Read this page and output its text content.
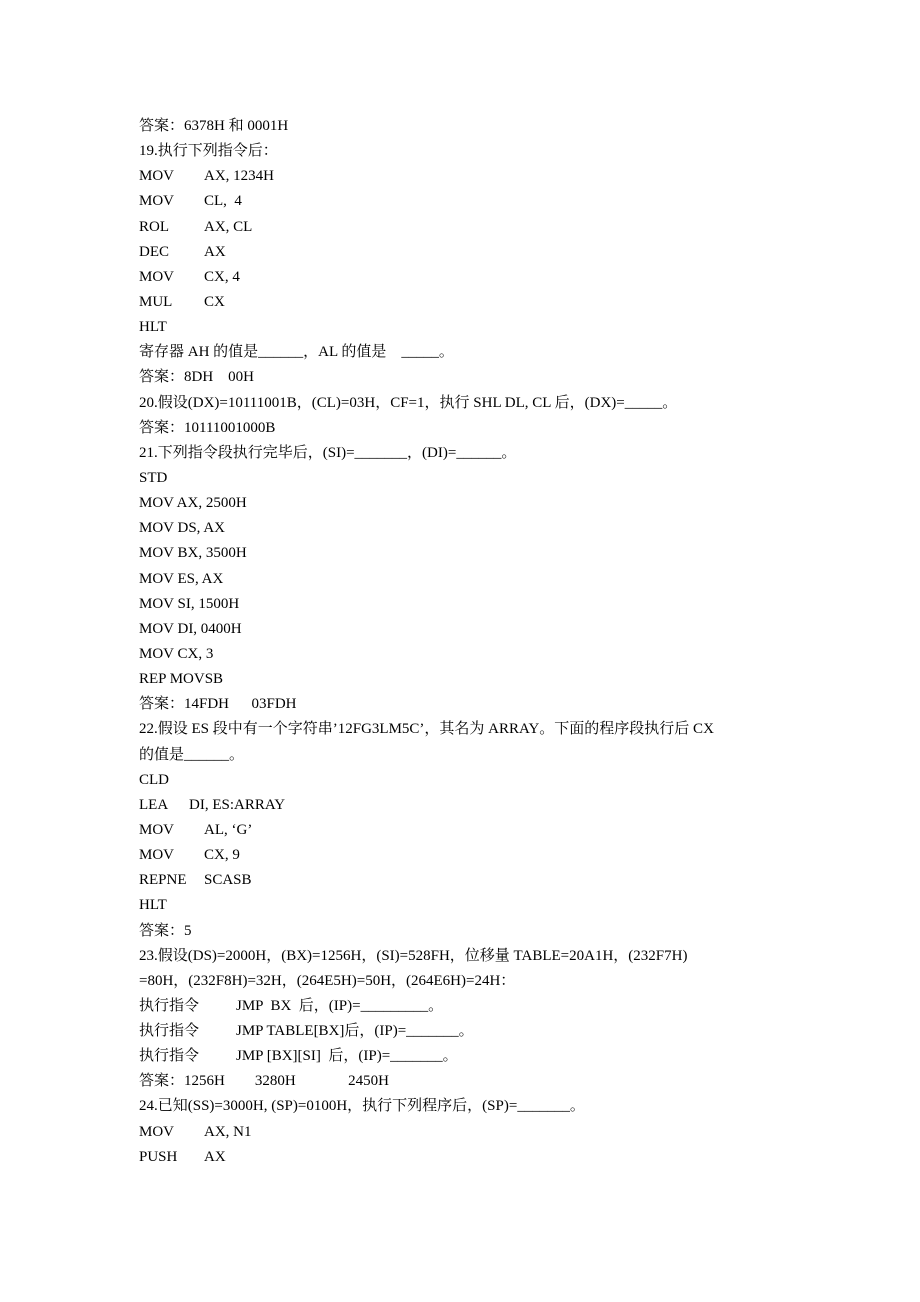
答案：6378H 和 0001H
19.执行下列指令后：
MOV AX, 1234H
MOV CL,  4
ROL AX, CL
DEC AX
MOV CX, 4
MUL CX
HLT
寄存器 AH 的值是______，AL 的值是    _____。
答案：8DH    00H
20.假设(DX)=10111001B，(CL)=03H，CF=1，执行 SHL DL, CL 后，(DX)=_____。
答案：10111001000B
21.下列指令段执行完毕后，(SI)=_______，(DI)=______。
STD
MOV AX, 2500H
MOV DS, AX
MOV BX, 3500H
MOV ES, AX
MOV SI, 1500H
MOV DI, 0400H
MOV CX, 3
REP MOVSB
答案：14FDH      03FDH
22.假设 ES 段中有一个字符串’12FG3LM5C’，其名为 ARRAY。下面的程序段执行后 CX
的值是______。
CLD
LEA DI, ES:ARRAY
MOV AL, ‘G’
MOV CX, 9
REPNE SCASB
HLT
答案：5
23.假设(DS)=2000H，(BX)=1256H，(SI)=528FH，位移量 TABLE=20A1H，(232F7H)
=80H，(232F8H)=32H，(264E5H)=50H，(264E6H)=24H：
执行指令 JMP  BX  后，(IP)=_________。
执行指令 JMP TABLE[BX]后，(IP)=_______。
执行指令 JMP [BX][SI]  后，(IP)=_______。
答案：1256H        3280H              2450H
24.已知(SS)=3000H, (SP)=0100H，执行下列程序后，(SP)=_______。
MOV AX, N1
PUSH AX
